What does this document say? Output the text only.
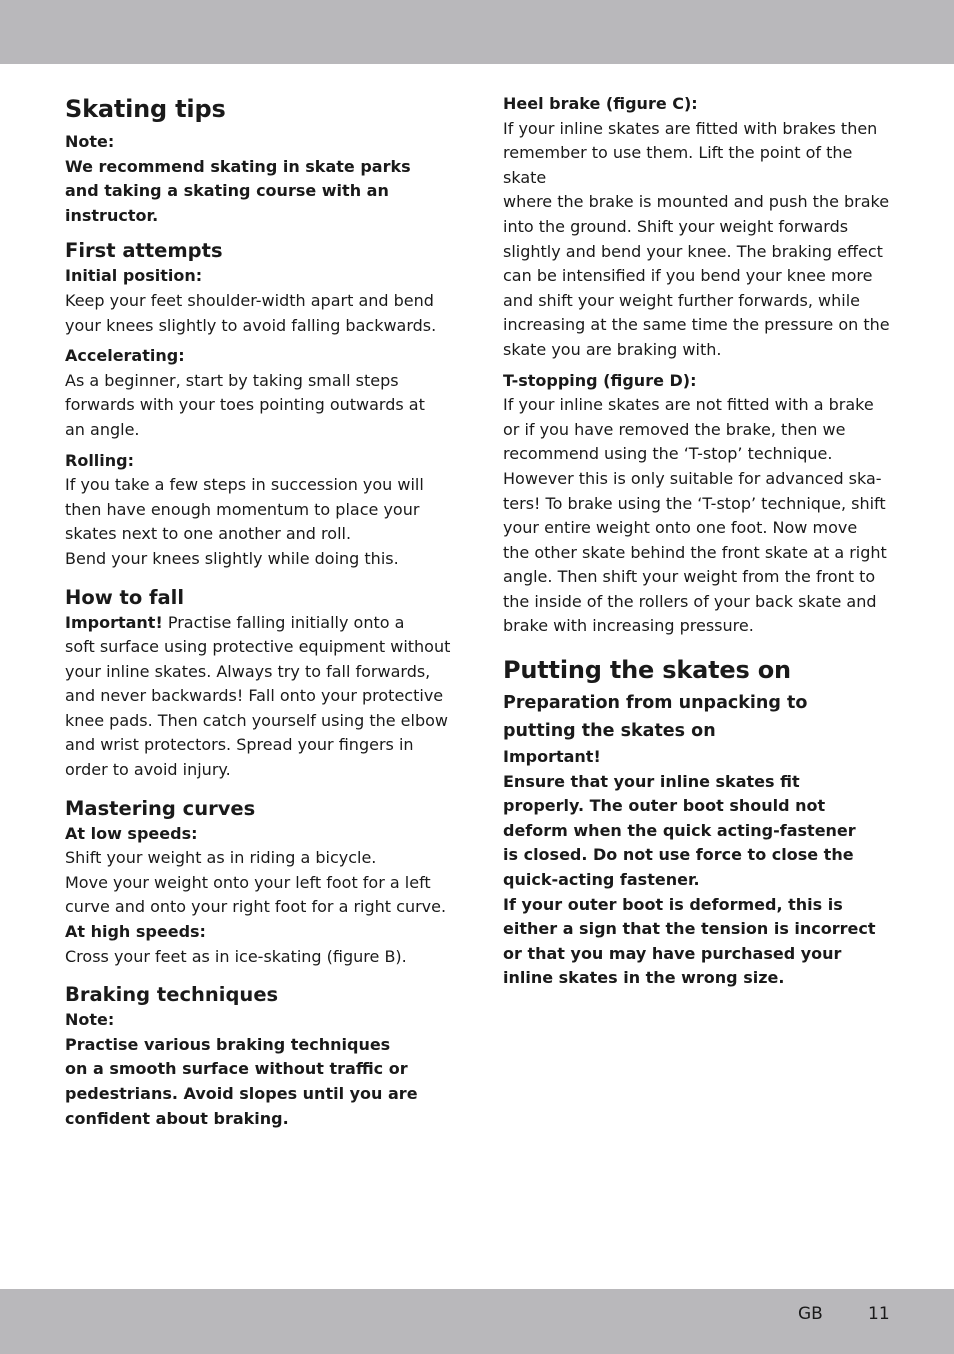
Skating tips
Note:
We recommend skating in skate parks
and taking a skating course with an
instructor.
First attempts
Initial position:
Keep your feet shoulder-width apart and bend
your knees slightly to avoid falling backwards.
Accelerating:
As a beginner, start by taking small steps
forwards with your toes pointing outwards at
an angle.
Rolling:
If you take a few steps in succession you will
then have enough momentum to place your
skates next to one another and roll.
Bend your knees slightly while doing this.
How to fall
Important! Practise falling initially onto a
soft surface using protective equipment without
your inline skates. Always try to fall forwards,
and never backwards! Fall onto your protective
knee pads. Then catch yourself using the elbow
and wrist protectors. Spread your fingers in
order to avoid injury.
Mastering curves
At low speeds:
Shift your weight as in riding a bicycle.
Move your weight onto your left foot for a left
curve and onto your right foot for a right curve.
At high speeds:
Cross your feet as in ice-skating (figure B).
Braking techniques
Note:
Practise various braking techniques
on a smooth surface without traffic or
pedestrians. Avoid slopes until you are
confident about braking.
Heel brake (figure C):
If your inline skates are fitted with brakes then
remember to use them. Lift the point of the skate
where the brake is mounted and push the brake
into the ground. Shift your weight forwards
slightly and bend your knee. The braking effect
can be intensified if you bend your knee more
and shift your weight further forwards, while
increasing at the same time the pressure on the
skate you are braking with.
T-stopping (figure D):
If your inline skates are not fitted with a brake
or if you have removed the brake, then we
recommend using the ‘T-stop’ technique.
However this is only suitable for advanced ska-
ters! To brake using the ‘T-stop’ technique, shift
your entire weight onto one foot. Now move
the other skate behind the front skate at a right
angle. Then shift your weight from the front to
the inside of the rollers of your back skate and
brake with increasing pressure.
Putting the skates on
Preparation from unpacking to
putting the skates on
Important!
Ensure that your inline skates fit
properly. The outer boot should not
deform when the quick acting-fastener
is closed. Do not use force to close the
quick-acting fastener.
If your outer boot is deformed, this is
either a sign that the tension is incorrect
or that you may have purchased your
inline skates in the wrong size.
GB	11
